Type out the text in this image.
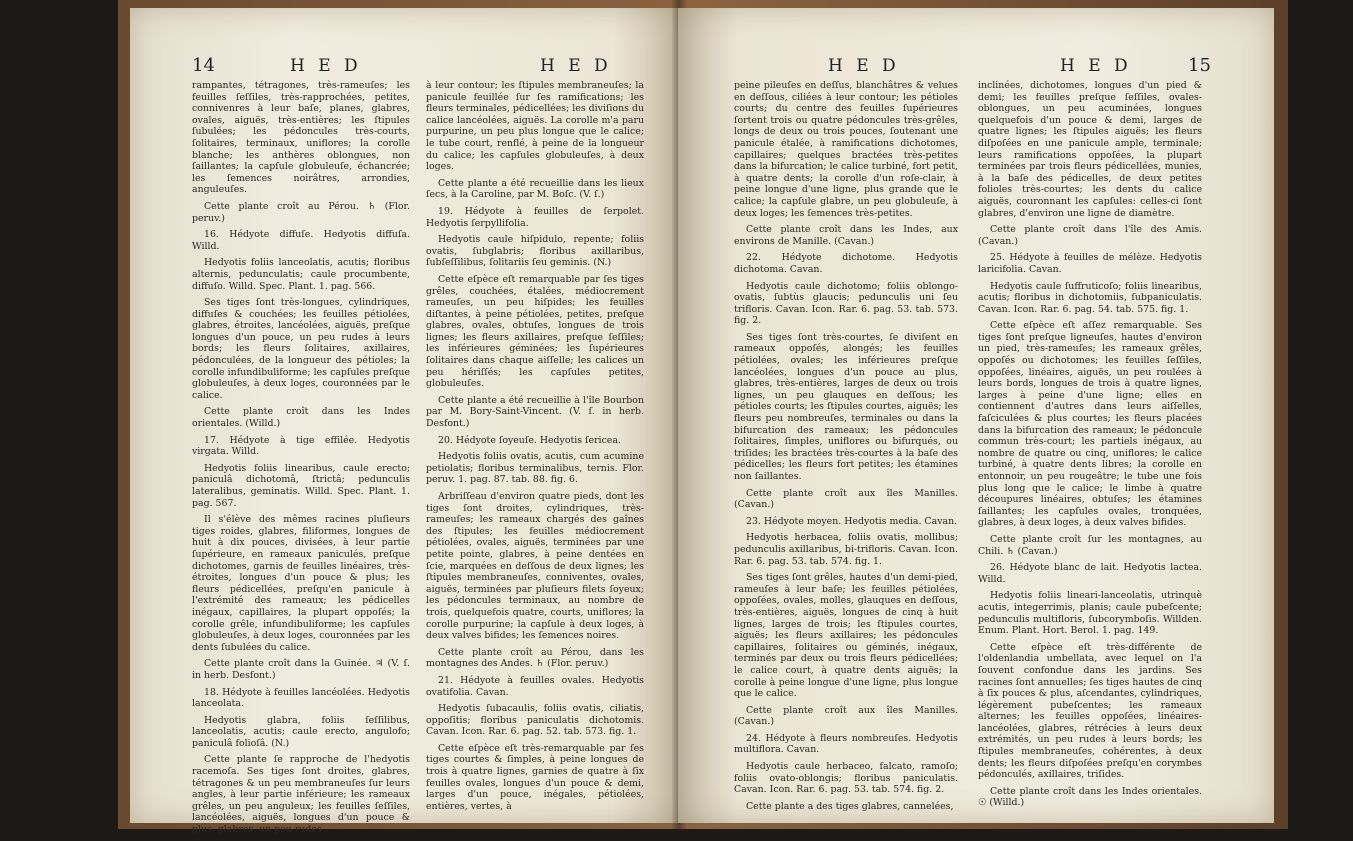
14	H E D	H E D

rampantes, tétragones, très-rameuſes; les feuilles ſeſſiles, très-rapprochées, petites, connivenres à leur baſe, planes, glabres, ovales, aiguës, très-entières; les ſtipules ſubulées; les pédoncules très-courts, ſolitaires, terminaux, uniflores; la corolle blanche; les anthères oblongues, non ſaillantes; la capſule globuleuſe, échancrée; les ſemences noirâtres, arrondies, anguleuſes.

Cette plante croît au Pérou. ♄ (Flor. peruv.)

16. Hédyote diffuſe. Hedyotis diffuſa. Willd.

Hedyotis foliis lanceolatis, acutis; floribus alternis, pedunculatis; caule procumbente, diffuſo. Willd. Spec. Plant. 1. pag. 566.

Ses tiges ſont très-longues, cylindriques, diffuſes & couchées; les feuilles pétiolées, glabres, étroites, lancéolées, aiguës, preſque longues d'un pouce, un peu rudes à leurs bords; les fleurs ſolitaires, axillaires, pédonculées, de la longueur des pétioles; la corolle infundibuliforme; les capſules preſque globuleuſes, à deux loges, couronnées par le calice.

Cette plante croît dans les Indes orientales. (Willd.)

17. Hédyote à tige effilée. Hedyotis virgata. Willd.

Hedyotis foliis linearibus, caule erecto; paniculâ dichotomâ, ſtrictâ; pedunculis lateralibus, geminatis. Willd. Spec. Plant. 1. pag. 567.

Il s'élève des mêmes racines pluſieurs tiges roides, glabres, filiformes, longues de huit à dix pouces, divisées, à leur partie ſupérieure, en rameaux paniculés, preſque dichotomes, garnis de feuilles linéaires, très-étroites, longues d'un pouce & plus; les fleurs pédicellées, preſqu'en panicule à l'extrémité des rameaux; les pédicelles inégaux, capillaires, la plupart oppoſés; la corolle grêle, infundibuliforme; les capſules globuleuſes, à deux loges, couronnées par les dents ſubulées du calice.

Cette plante croît dans la Guinée. ♃ (V. ſ. in herb. Desfont.)

18. Hédyote à feuilles lancéolées. Hedyotis lanceolata.

Hedyotis glabra, foliis ſeſſilibus, lanceolatis, acutis; caule erecto, angulofo; paniculâ folioſâ. (N.)

Cette plante ſe rapproche de l'hedyotis racemoſa. Ses tiges ſont droites, glabres, tétragones & un peu membraneuſes ſur leurs angles, à leur partie inférieure; les rameaux grêles, un peu anguleux; les feuilles ſeſſiles, lancéolées, aiguës, longues d'un pouce & plus, glabres, un peu rudes

à leur contour; les ſtipules membraneuſes; la panicule feuillée ſur ſes ramifications; les fleurs terminales, pédicellées; les diviſions du calice lancéolées, aiguës. La corolle m'a paru purpurine, un peu plus longue que le calice; le tube court, renflé, à peine de la longueur du calice; les capſules globuleuſes, à deux loges.

Cette plante a été recueillie dans les lieux ſecs, à la Caroline, par M. Boſc. (V. ſ.)

19. Hédyote à feuilles de ſerpolet. Hedyotis ſerpyllifolia.

Hedyotis caule hiſpidulo, repente; foliis ovatis, ſubglabris; floribus axillaribus, ſubſeſſilibus, ſolitariis ſeu geminis. (N.)

Cette eſpèce eſt remarquable par ſes tiges grêles, couchées, étalées, médiocrement rameuſes, un peu hiſpides; les feuilles diſtantes, à peine pétiolées, petites, preſque glabres, ovales, obtuſes, longues de trois lignes; les fleurs axillaires, preſque ſeſſiles; les inférieures géminées; les ſupérieures ſolitaires dans chaque aiſſelle; les calices un peu hériſſés; les capſules petites, globuleuſes.

Cette plante a été recueillie à l'île Bourbon par M. Bory-Saint-Vincent. (V. ſ. in herb. Desfont.)

20. Hédyote ſoyeuſe. Hedyotis ſericea.

Hedyotis foliis ovatis, acutis, cum acumine petiolatis; floribus terminalibus, ternis. Flor. peruv. 1. pag. 87. tab. 88. fig. 6.

Arbriſſeau d'environ quatre pieds, dont les tiges ſont droites, cylindriques, très-rameuſes; les rameaux chargés des gaînes des ſtipules; les feuilles médiocrement pétiolées, ovales, aiguës, terminées par une petite pointe, glabres, à peine dentées en ſcie, marquées en deſſous de deux lignes; les ſtipules membraneuſes, conniventes, ovales, aiguës, terminées par pluſieurs filets ſoyeux; les pédoncules terminaux, au nombre de trois, quelquefois quatre, courts, uniflores; la corolle purpurine; la capſule à deux loges, à deux valves bifides; les ſemences noires.

Cette plante croît au Pérou, dans les montagnes des Andes. ♄ (Flor. peruv.)

21. Hédyote à feuilles ovales. Hedyotis ovatifolia. Cavan.

Hedyotis ſubacaulis, foliis ovatis, ciliatis, oppoſitis; floribus paniculatis dichotomis. Cavan. Icon. Rar. 6. pag. 52. tab. 573. fig. 1.

Cette eſpèce eſt très-remarquable par ſes tiges courtes & ſimples, à peine longues de trois à quatre lignes, garnies de quatre à ſix feuilles ovales, longues d'un pouce & demi, larges d'un pouce, inégales, pétiolées, entières, vertes, à

H E D	H E D	15

peine pileuſes en deſſus, blanchâtres & velues en deſſous, ciliées à leur contour; les pétioles courts; du centre des feuilles ſupérieures ſortent trois ou quatre pédoncules très-grêles, longs de deux ou trois pouces, ſoutenant une panicule étalée, à ramifications dichotomes, capillaires; quelques bractées très-petites dans la bifurcation; le calice turbiné, fort petit, à quatre dents; la corolle d'un roſe-clair, à peine longue d'une ligne, plus grande que le calice; la capſule glabre, un peu globuleuſe, à deux loges; les ſemences très-petites.

Cette plante croît dans les Indes, aux environs de Manille. (Cavan.)

22. Hédyote dichotome. Hedyotis dichotoma. Cavan.

Hedyotis caule dichotomo; foliis oblongo-ovatis, ſubtùs glaucis; pedunculis uni ſeu trifloris. Cavan. Icon. Rar. 6. pag. 53. tab. 573. fig. 2.

Ses tiges ſont très-courtes, ſe diviſent en rameaux oppoſés, alongés; les feuilles pétiolées, ovales; les inférieures preſque lancéolées, longues d'un pouce au plus, glabres, très-entières, larges de deux ou trois lignes, un peu glauques en deſſous; les pétioles courts; les ſtipules courtes, aiguës; les fleurs peu nombreuſes, terminales ou dans la bifurcation des rameaux; les pédoncules ſolitaires, ſimples, uniflores ou bifurqués, ou triſides; les bractées très-courtes à la baſe des pédicelles; les fleurs fort petites; les étamines non ſaillantes.

Cette plante croît aux îles Manilles. (Cavan.)

23. Hédyote moyen. Hedyotis media. Cavan.

Hedyotis herbacea, foliis ovatis, mollibus; pedunculis axillaribus, bi-trifloris. Cavan. Icon. Rar. 6. pag. 53. tab. 574. fig. 1.

Ses tiges ſont grêles, hautes d'un demi-pied, rameuſes à leur baſe; les feuilles pétiolées, oppoſées, ovales, molles, glauques en deſſous, très-entières, aiguës, longues de cinq à huit lignes, larges de trois; les ſtipules courtes, aiguës; les fleurs axillaires; les pédoncules capillaires, ſolitaires ou géminés, inégaux, terminés par deux ou trois fleurs pédicellées; le calice court, à quatre dents aiguës; la corolle à peine longue d'une ligne, plus longue que le calice.

Cette plante croît aux îles Manilles. (Cavan.)

24. Hédyote à fleurs nombreuſes. Hedyotis multiflora. Cavan.

Hedyotis caule herbaceo, falcato, ramoſo; foliis ovato-oblongis; floribus paniculatis. Cavan. Icon. Rar. 6. pag. 53. tab. 574. fig. 2.

Cette plante a des tiges glabres, cannelées,

inclinées, dichotomes, longues d'un pied & demi; les feuilles preſque ſeſſiles, ovales-oblongues, un peu acuminées, longues quelquefois d'un pouce & demi, larges de quatre lignes; les ſtipules aiguës; les fleurs diſpoſées en une panicule ample, terminale; leurs ramifications oppoſées, la plupart terminées par trois fleurs pédicellées, munies, à la baſe des pédicelles, de deux petites folioles très-courtes; les dents du calice aiguës, couronnant les capſules: celles-ci ſont glabres, d'environ une ligne de diamètre.

Cette plante croît dans l'île des Amis. (Cavan.)

25. Hédyote à feuilles de mélèze. Hedyotis laricifolia. Cavan.

Hedyotis caule ſuffruticoſo; foliis linearibus, acutis; floribus in dichotomiis, ſubpaniculatis. Cavan. Icon. Rar. 6. pag. 54. tab. 575. fig. 1.

Cette eſpèce eſt aſſez remarquable. Ses tiges ſont preſque ligneuſes, hautes d'environ un pied, très-rameuſes; les rameaux grêles, oppoſés ou dichotomes; les feuilles ſeſſiles, oppoſées, linéaires, aiguës, un peu roulées à leurs bords, longues de trois à quatre lignes, larges à peine d'une ligne; elles en contiennent d'autres dans leurs aiſſelles, faſciculées & plus courtes; les fleurs placées dans la bifurcation des rameaux; le pédoncule commun très-court; les partiels inégaux, au nombre de quatre ou cinq, uniflores; le calice turbiné, à quatre dents libres; la corolle en entonnoir, un peu rougeâtre; le tube une fois plus long que le calice; le limbe à quatre découpures linéaires, obtuſes; les étamines ſaillantes; les capſules ovales, tronquées, glabres, à deux loges, à deux valves bifides.

Cette plante croît ſur les montagnes, au Chili. ♄ (Cavan.)

26. Hédyote blanc de lait. Hedyotis lactea. Willd.

Hedyotis foliis lineari-lanceolatis, utrinquè acutis, integerrimis, planis; caule pubeſcente; pedunculis multifloris, ſubcorymboſis. Willden. Enum. Plant. Hort. Berol. 1. pag. 149.

Cette eſpèce eſt très-différente de l'oldenlandia umbellata, avec lequel on l'a ſouvent confondue dans les jardins. Ses racines ſont annuelles; ſes tiges hautes de cinq à ſix pouces & plus, aſcendantes, cylindriques, légèrement pubeſcentes; les rameaux alternes; les feuilles oppoſées, linéaires-lancéolées, glabres, rétrécies à leurs deux extrémités, un peu rudes à leurs bords; les ſtipules membraneuſes, cohérentes, à deux dents; les fleurs diſpoſées preſqu'en corymbes pédonculés, axillaires, triſides.

Cette plante croît dans les Indes orientales. ☉ (Willd.)
